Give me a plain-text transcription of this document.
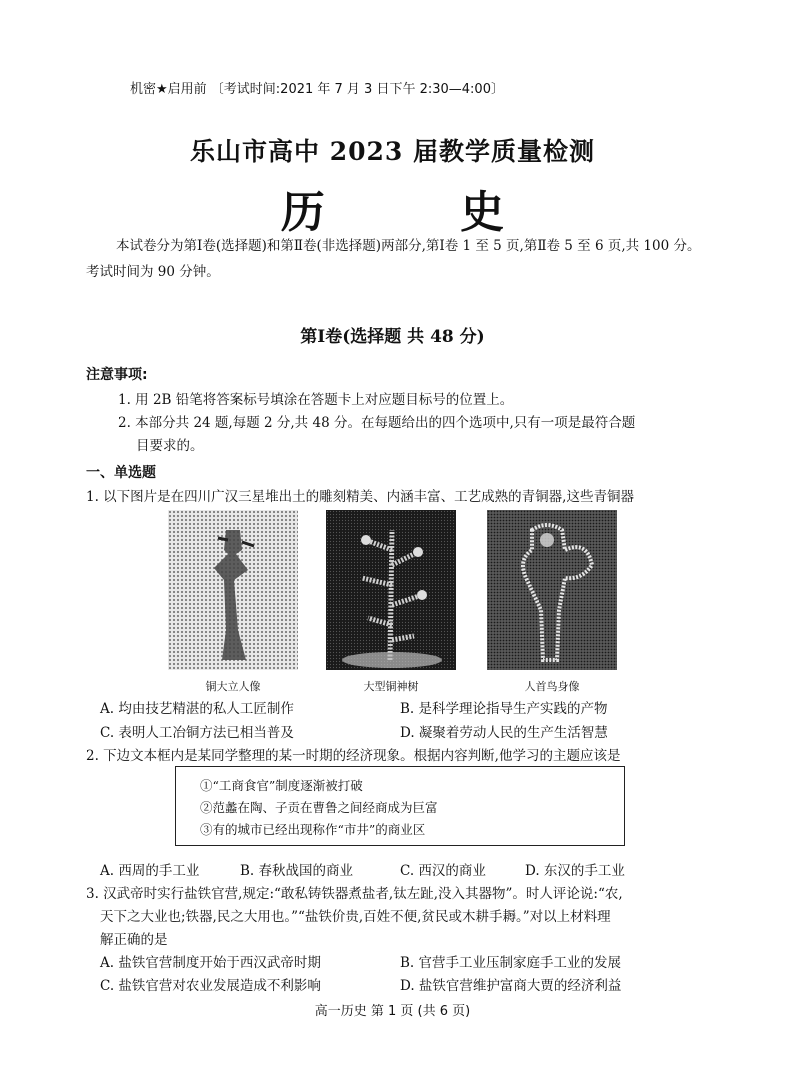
机密★启用前 〔考试时间:2021 年 7 月 3 日下午 2:30—4:00〕
乐山市高中 2023 届教学质量检测
历 史
本试卷分为第Ⅰ卷(选择题)和第Ⅱ卷(非选择题)两部分,第Ⅰ卷 1 至 5 页,第Ⅱ卷 5 至 6 页,共 100 分。考试时间为 90 分钟。
第Ⅰ卷(选择题 共 48 分)
注意事项:
1. 用 2B 铅笔将答案标号填涂在答题卡上对应题目标号的位置上。
2. 本部分共 24 题,每题 2 分,共 48 分。在每题给出的四个选项中,只有一项是最符合题
目要求的。
一、单选题
1. 以下图片是在四川广汉三星堆出土的雕刻精美、内涵丰富、工艺成熟的青铜器,这些青铜器
铜大立人像	大型铜神树	人首鸟身像
A. 均由技艺精湛的私人工匠制作	B. 是科学理论指导生产实践的产物
C. 表明人工冶铜方法已相当普及	D. 凝聚着劳动人民的生产生活智慧
2. 下边文本框内是某同学整理的某一时期的经济现象。根据内容判断,他学习的主题应该是
①“工商食官”制度逐渐被打破
②范蠡在陶、子贡在曹鲁之间经商成为巨富
③有的城市已经出现称作“市井”的商业区
A. 西周的手工业	B. 春秋战国的商业	C. 西汉的商业	D. 东汉的手工业
3. 汉武帝时实行盐铁官营,规定:“敢私铸铁器煮盐者,钛左趾,没入其器物”。时人评论说:“农,
天下之大业也;铁器,民之大用也。”“盐铁价贵,百姓不便,贫民或木耕手耨。”对以上材料理
解正确的是
A. 盐铁官营制度开始于西汉武帝时期	B. 官营手工业压制家庭手工业的发展
C. 盐铁官营对农业发展造成不利影响	D. 盐铁官营维护富商大贾的经济利益
高一历史 第 1 页 (共 6 页)
